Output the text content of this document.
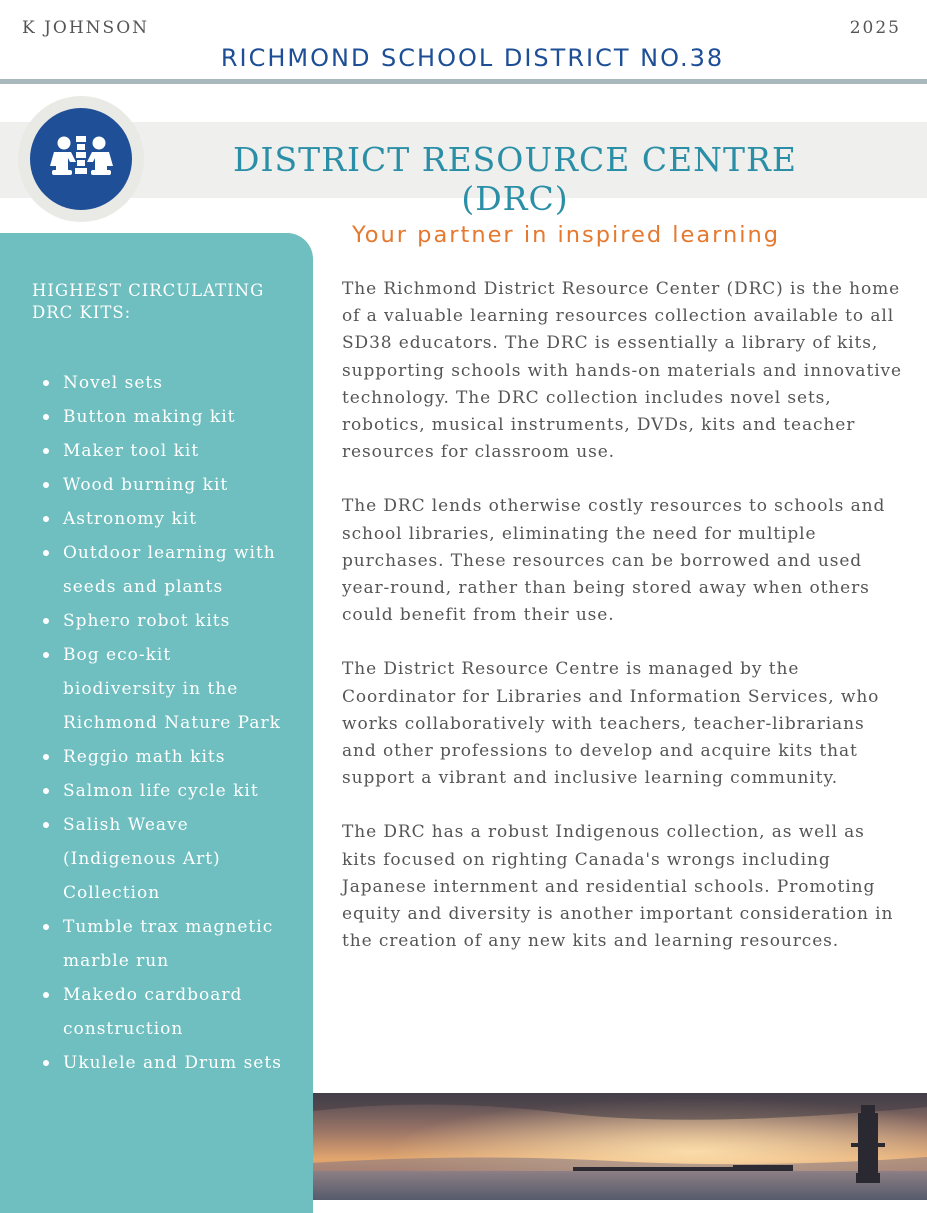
K JOHNSON	2025
RICHMOND SCHOOL DISTRICT NO.38
DISTRICT RESOURCE CENTRE (DRC)
HIGHEST CIRCULATING DRC KITS:
Novel sets
Button making kit
Maker tool kit
Wood burning kit
Astronomy kit
Outdoor learning with seeds and plants
Sphero robot kits
Bog eco-kit biodiversity in the Richmond Nature Park
Reggio math kits
Salmon life cycle kit
Salish Weave (Indigenous Art) Collection
Tumble trax magnetic marble run
Makedo cardboard construction
Ukulele and Drum sets
Your partner in inspired learning

The Richmond District Resource Center (DRC) is the home of a valuable learning resources collection available to all SD38 educators. The DRC is essentially a library of kits, supporting schools with hands-on materials and innovative technology. The DRC collection includes novel sets, robotics, musical instruments, DVDs, kits and teacher resources for classroom use.

The DRC lends otherwise costly resources to schools and school libraries, eliminating the need for multiple purchases. These resources can be borrowed and used year-round, rather than being stored away when others could benefit from their use.

The District Resource Centre is managed by the Coordinator for Libraries and Information Services, who works collaboratively with teachers, teacher-librarians and other professions to develop and acquire kits that support a vibrant and inclusive learning community.

The DRC has a robust Indigenous collection, as well as kits focused on righting Canada's wrongs including Japanese internment and residential schools. Promoting equity and diversity is another important consideration in the creation of any new kits and learning resources.
